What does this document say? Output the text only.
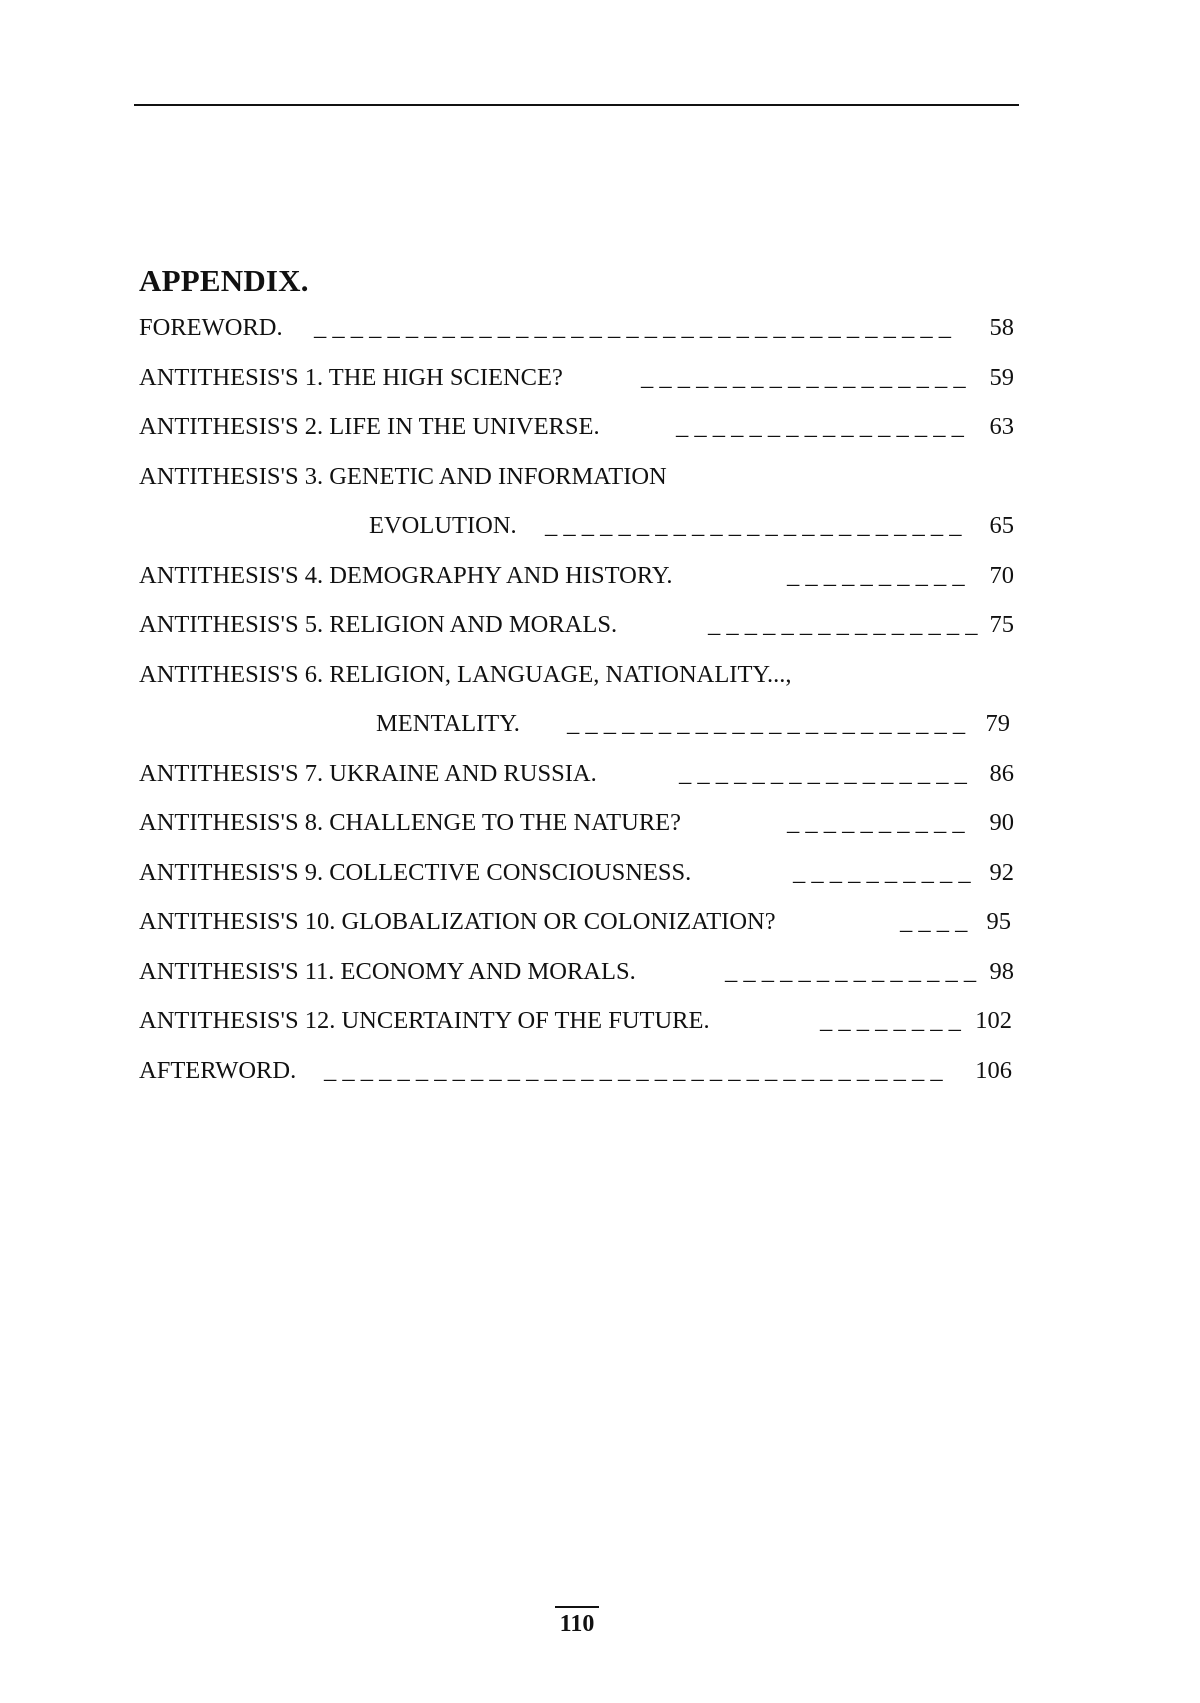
APPENDIX.
FOREWORD. _ _ _ _ _ _ _ _ _ _ _ _ _ _ _ _ _ _ _ _ _ _ _ _ _ _ _ _ _ _ _ _ _ _ _ 58
ANTITHESIS'S 1. THE HIGH SCIENCE?	_ _ _ _ _ _ _ _ _ _ _ _ _ _ _ _ _ _ 59
ANTITHESIS'S 2. LIFE IN THE UNIVERSE.	_ _ _ _ _ _ _ _ _ _ _ _ _ _ _ _ 63
ANTITHESIS'S 3. GENETIC AND INFORMATION
EVOLUTION. _ _ _ _ _ _ _ _ _ _ _ _ _ _ _ _ _ _ _ _ _ _ _ 65
ANTITHESIS'S 4. DEMOGRAPHY AND HISTORY.	_ _ _ _ _ _ _ _ _ _ 70
ANTITHESIS'S 5. RELIGION AND MORALS.	_ _ _ _ _ _ _ _ _ _ _ _ _ _ _ 75
ANTITHESIS'S 6. RELIGION, LANGUAGE, NATIONALITY...,
MENTALITY. _ _ _ _ _ _ _ _ _ _ _ _ _ _ _ _ _ _ _ _ _ _ 79
ANTITHESIS'S 7. UKRAINE AND RUSSIA.	_ _ _ _ _ _ _ _ _ _ _ _ _ _ _ _ 86
ANTITHESIS'S 8. CHALLENGE TO THE NATURE?	_ _ _ _ _ _ _ _ _ _ 90
ANTITHESIS'S 9. COLLECTIVE CONSCIOUSNESS.	_ _ _ _ _ _ _ _ _ _ 92
ANTITHESIS'S 10. GLOBALIZATION OR COLONIZATION?	_ _ _ _ 95
ANTITHESIS'S 11. ECONOMY AND MORALS.	_ _ _ _ _ _ _ _ _ _ _ _ _ _ 98
ANTITHESIS'S 12. UNCERTAINTY OF THE FUTURE.	_ _ _ _ _ _ _ _ 102
AFTERWORD. _ _ _ _ _ _ _ _ _ _ _ _ _ _ _ _ _ _ _ _ _ _ _ _ _ _ _ _ _ _ _ _ _ _ 106
110
